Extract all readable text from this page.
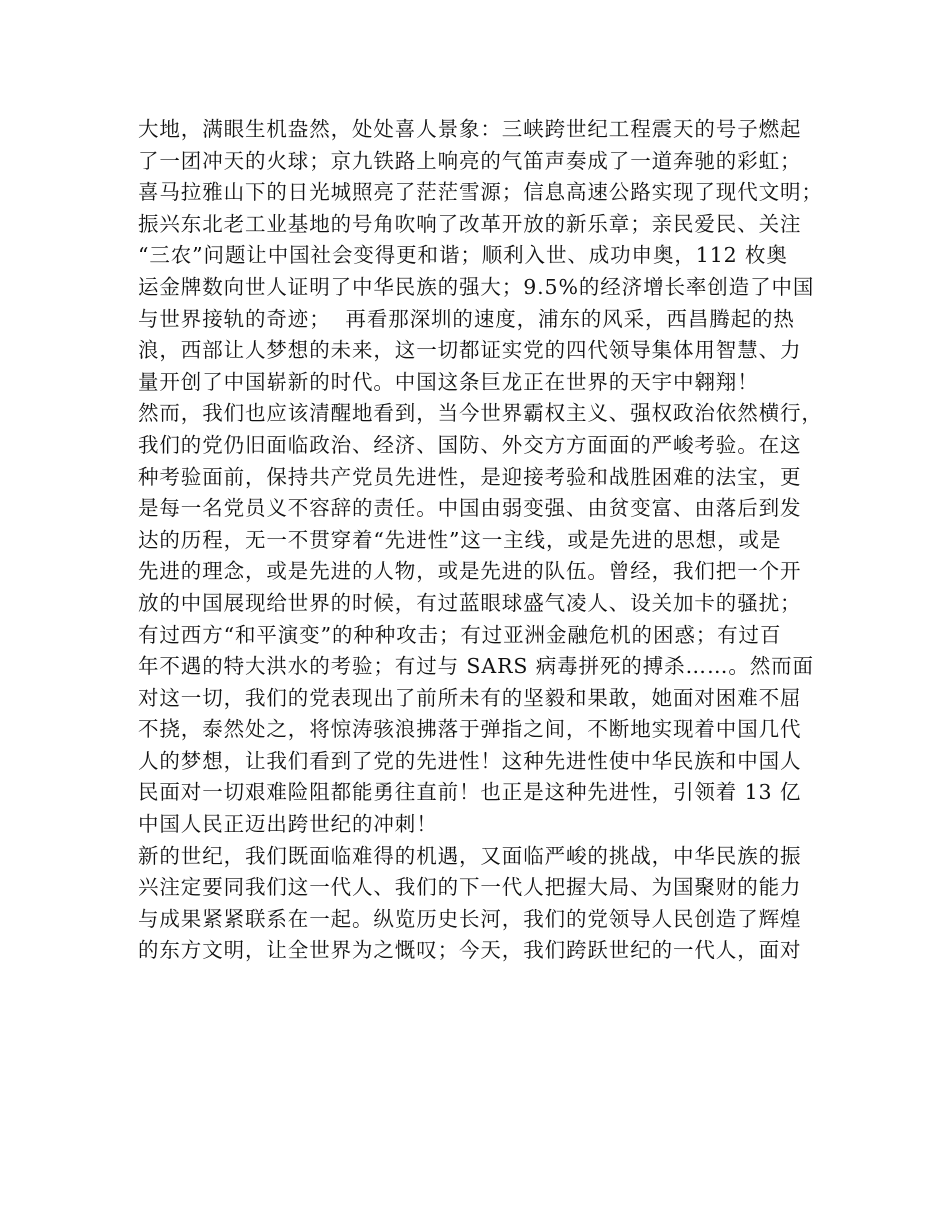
大地，满眼生机盎然，处处喜人景象：三峡跨世纪工程震天的号子燃起
了一团冲天的火球；京九铁路上响亮的气笛声奏成了一道奔驰的彩虹；
喜马拉雅山下的日光城照亮了茫茫雪源；信息高速公路实现了现代文明；
振兴东北老工业基地的号角吹响了改革开放的新乐章；亲民爱民、关注
“三农”问题让中国社会变得更和谐；顺利入世、成功申奥，112 枚奥
运金牌数向世人证明了中华民族的强大；9.5%的经济增长率创造了中国
与世界接轨的奇迹；  再看那深圳的速度，浦东的风采，西昌腾起的热
浪，西部让人梦想的未来，这一切都证实党的四代领导集体用智慧、力
量开创了中国崭新的时代。中国这条巨龙正在世界的天宇中翱翔！
然而，我们也应该清醒地看到，当今世界霸权主义、强权政治依然横行，
我们的党仍旧面临政治、经济、国防、外交方方面面的严峻考验。在这
种考验面前，保持共产党员先进性，是迎接考验和战胜困难的法宝，更
是每一名党员义不容辞的责任。中国由弱变强、由贫变富、由落后到发
达的历程，无一不贯穿着“先进性”这一主线，或是先进的思想，或是
先进的理念，或是先进的人物，或是先进的队伍。曾经，我们把一个开
放的中国展现给世界的时候，有过蓝眼球盛气凌人、设关加卡的骚扰；
有过西方“和平演变”的种种攻击；有过亚洲金融危机的困惑；有过百
年不遇的特大洪水的考验；有过与 SARS 病毒拼死的搏杀……。然而面
对这一切，我们的党表现出了前所未有的坚毅和果敢，她面对困难不屈
不挠，泰然处之，将惊涛骇浪拂落于弹指之间，不断地实现着中国几代
人的梦想，让我们看到了党的先进性！这种先进性使中华民族和中国人
民面对一切艰难险阻都能勇往直前！也正是这种先进性，引领着 13 亿
中国人民正迈出跨世纪的冲刺！
新的世纪，我们既面临难得的机遇，又面临严峻的挑战，中华民族的振
兴注定要同我们这一代人、我们的下一代人把握大局、为国聚财的能力
与成果紧紧联系在一起。纵览历史长河，我们的党领导人民创造了辉煌
的东方文明，让全世界为之慨叹；今天，我们跨跃世纪的一代人，面对
